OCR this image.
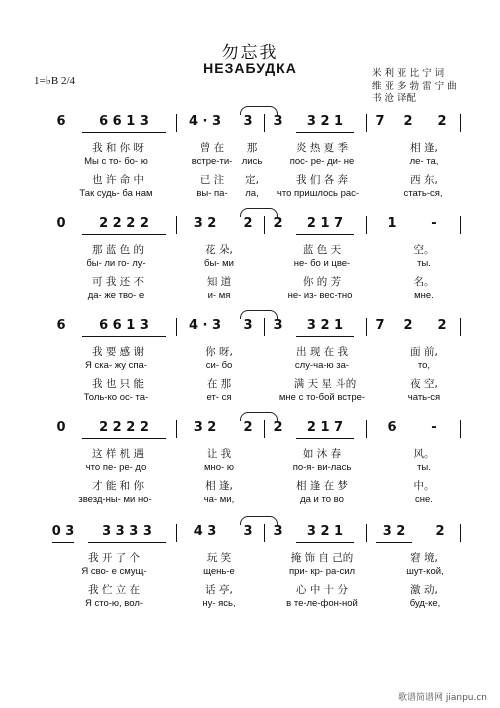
勿忘我
НЕЗАБУДКА
1=♭B 2/4
米 利 亚 比 宁 词
维 亚 多 勃 雷 宁 曲
书 沧 译配
6	6 6 1 3	4 · 3	3	3	3 2 1	7 2 2
我 和 你 呀	曾 在	那	炎 热 夏 季	相 逢,
Мы с то- бо- ю	встре-ти- лись	пос- ре- ди- не	ле- та,
也 许 命 中	已 注	定,	我 们 各 奔	西 东,
Так судь- ба нам	вы- па-	ла,	что пришлось рас-	стать-ся,
0	2 2 2 2	3 2	2	2	2 1 7	1	-
那 蓝 色 的	花 朵,	蓝 色 天	空。
бы- ли го- лу-	бы- ми	не- бо и цве-	ты.
可 我 还 不	知 道	你 的 芳	名。
да- же тво- е	и- мя	не- из- вес-тно	мне.
6	6 6 1 3	4 · 3	3	3	3 2 1	7 2 2
我 要 感 谢	你 呀,	出 现 在 我	面 前,
Я ска- жу спа-	си- бо	слу-ча-ю за-	то,
我 也 只 能	在 那	满 天 星 斗的	夜 空,
Толь-ко ос- та-	ет- ся	мне с то-бой встре-	чать-ся
0	2 2 2 2	3 2	2	2	2 1 7	6	-
这 样 机 遇	让 我	如 沐 春	风。
что пе- ре- до	мно- ю	по-я- ви-лась	ты.
才 能 和 你	相 逢,	相 逢 在 梦	中。
звезд-ны- ми но-	ча- ми,	да и то во	сне.
0 3	3 3 3 3	4 3	3	3	3 2 1	3 2	2
我 开 了 个	玩 笑	掩 饰 自 己的	窘 境,
Я сво- е смущ-	щень-е	при- кр- ра-сил	шут-кой,
我 伫 立 在	话 亭,	心 中 十 分	激 动,
Я сто-ю, вол-	ну- ясь,	в те-ле-фон-ной	буд-ке,
歌谱简谱网 jianpu.cn
